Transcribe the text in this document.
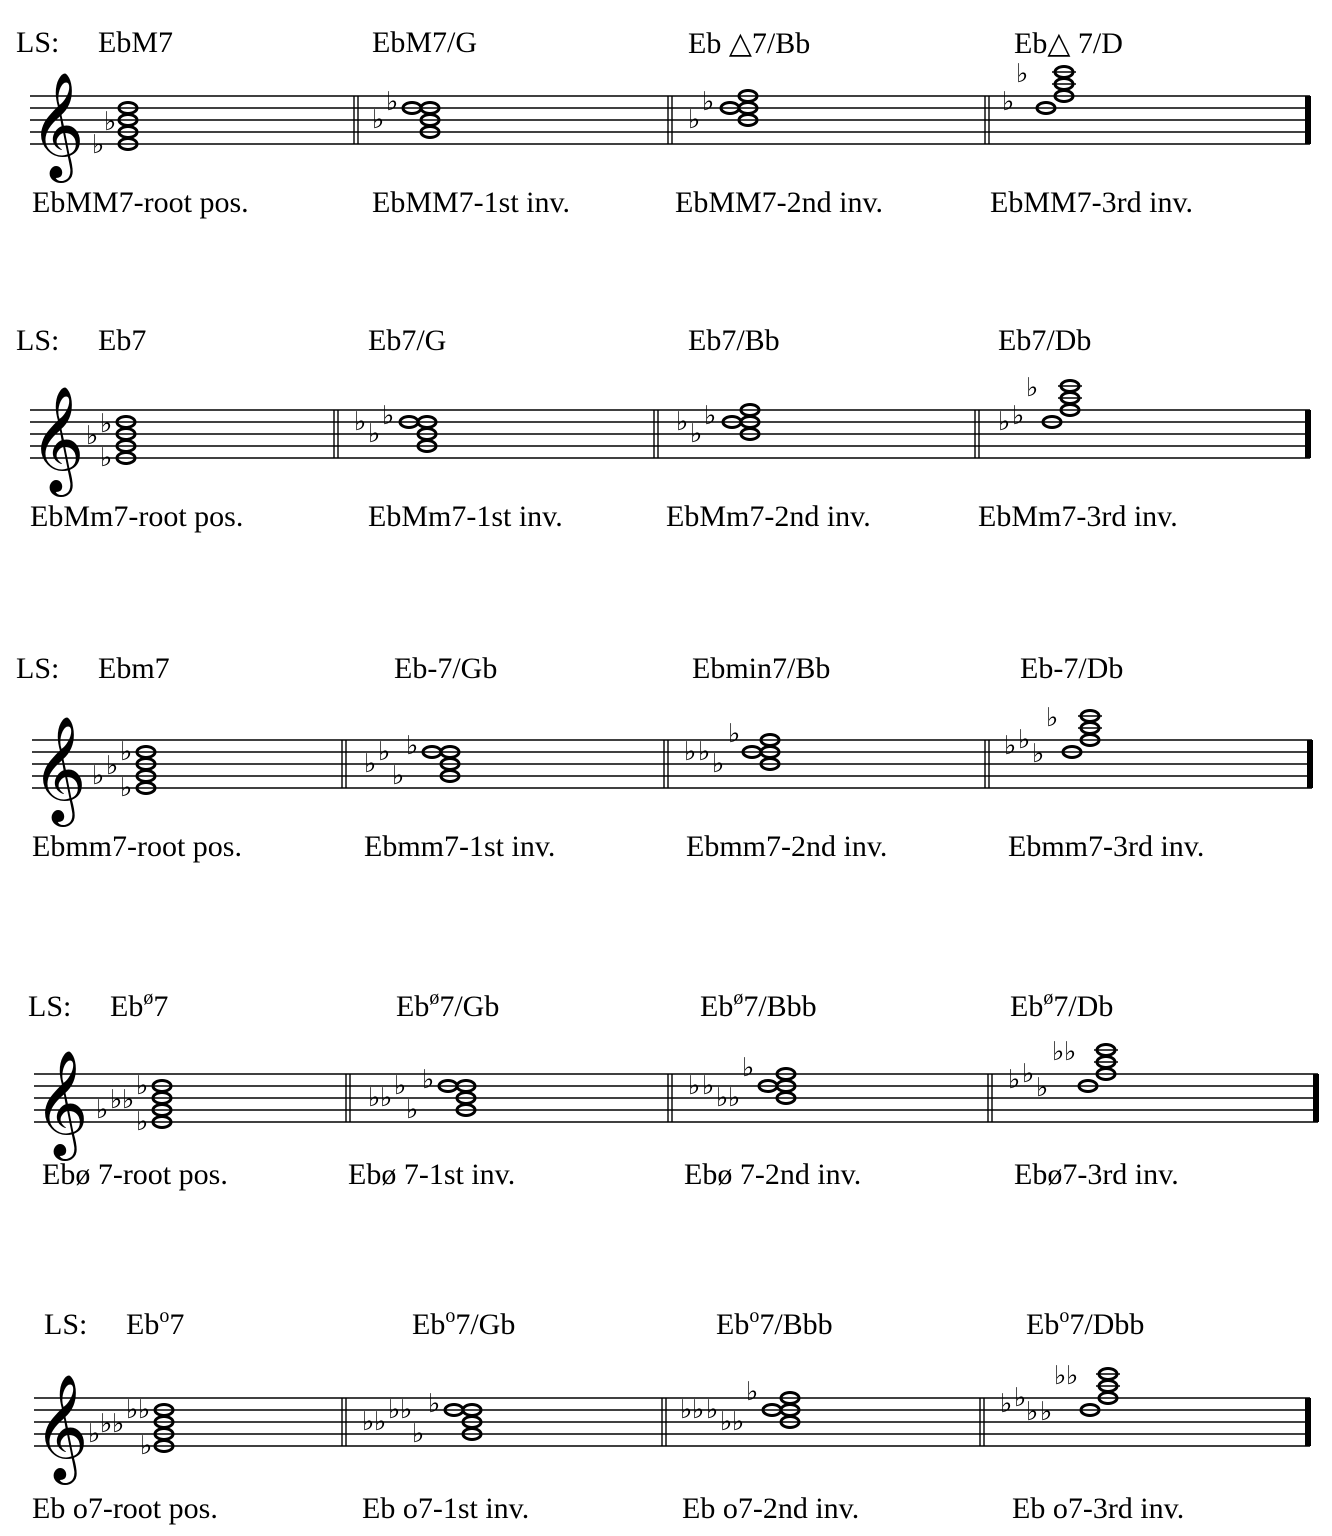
LS: EbM7	EbM7/G	Eb △7/Bb	Eb△ 7/D
𝄞 ♭
♭	♭
♭
♭
♭	♭
♭
EbMM7-root pos.	EbMM7-1st inv.	EbMM7-2nd inv.	EbMM7-3rd inv.
LS: Eb7	Eb7/G	Eb7/Bb	Eb7/Db
𝄞 ♭ ♭
♭
♭ ♭
♭	♭ ♭
♭	♭ ♭
♭
EbMm7-root pos.	EbMm7-1st inv.	EbMm7-2nd inv.	EbMm7-3rd inv.
LS: Ebm7	Eb-7/Gb	Ebmin7/Bb	Eb-7/Db
𝄞 ♭ ♭ ♭
♭
♭ ♭
♭
♭	♭ ♭ ♭
♭	♭ ♭ ♭
♭
Ebmm7-root pos.	Ebmm7-1st inv.	Ebmm7-2nd inv.	Ebmm7-3rd inv.
LS: $Eb^ø7$	$Eb^ø7/Gb$	$Eb^ø7$/Bbb	$Eb^ø7/Db$
𝄞 ♭ ♭ ♭ ♭
♭
♭ ♭ ♭
♭
♭	♭ ♭ ♭ ♭
♭	♭ ♭ ♭
♭ ♭
Ebø 7-root pos.	Ebø 7-1st inv.	Ebø 7-2nd inv.	Ebø7-3rd inv.
LS: Eb$^o$7	Eb$^o$7/Gb	Eb$^o$7/Bbb	Eb$^o$7/Dbb
𝄞 ♭ ♭ ♭ ♭ ♭
♭
♭ ♭ ♭ ♭
♭
♭	♭ ♭ ♭ ♭ ♭
♭	♭ ♭ ♭ ♭
♭ ♭
Eb o7-root pos.	Eb o7-1st inv.	Eb o7-2nd inv.	Eb o7-3rd inv.
